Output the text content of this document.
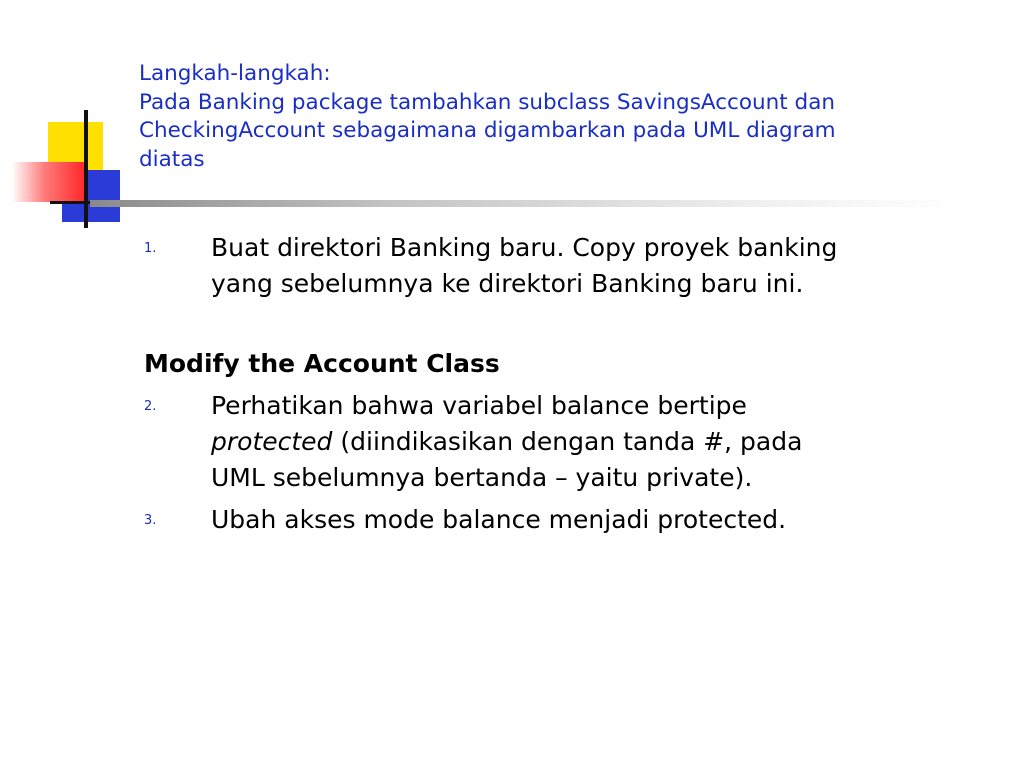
Langkah-langkah:
Pada Banking package tambahkan subclass SavingsAccount dan
CheckingAccount sebagaimana digambarkan pada UML diagram
diatas
1.	Buat direktori Banking baru. Copy proyek banking
yang sebelumnya ke direktori Banking baru ini.
Modify the Account Class
2.	Perhatikan bahwa variabel balance bertipe
protected (diindikasikan dengan tanda #, pada
UML sebelumnya bertanda – yaitu private).
3.	Ubah akses mode balance menjadi protected.
